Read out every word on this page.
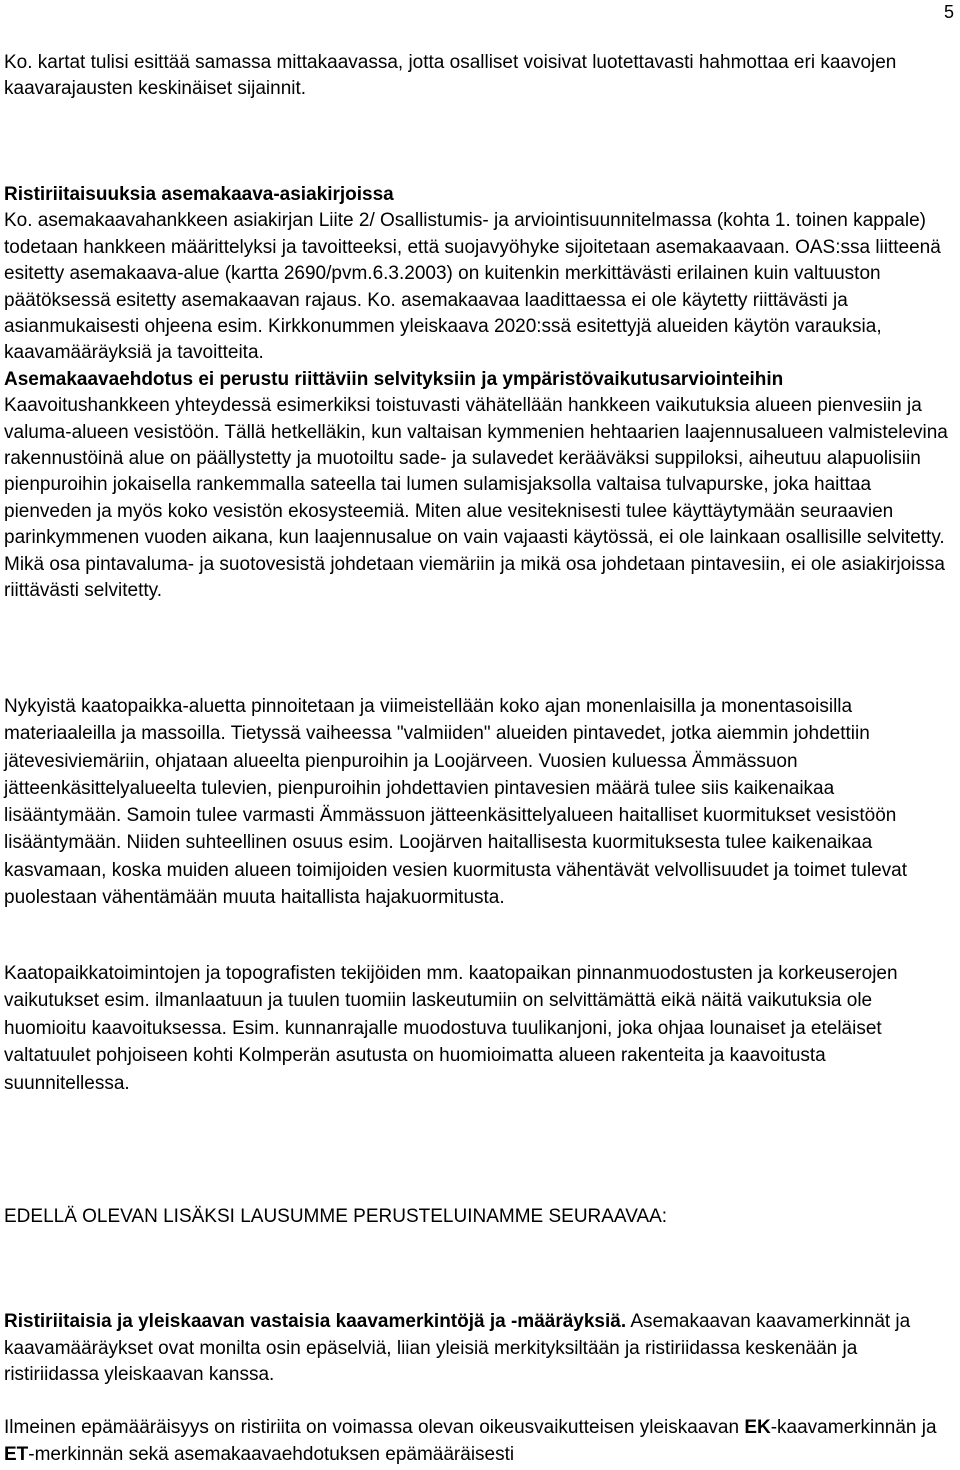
5

Ko. kartat tulisi esittää samassa mittakaavassa, jotta osalliset voisivat luotettavasti hahmottaa eri kaavojen kaavarajausten keskinäiset sijainnit.

Ristiriitaisuuksia asemakaava-asiakirjoissa

Ko. asemakaavahankkeen asiakirjan Liite 2/ Osallistumis- ja arviointisuunnitelmassa (kohta 1. toinen kappale) todetaan hankkeen määrittelyksi ja tavoitteeksi, että suojavyöhyke sijoitetaan asemakaavaan. OAS:ssa liitteenä esitetty asemakaava-alue (kartta 2690/pvm.6.3.2003) on kuitenkin merkittävästi erilainen kuin valtuuston päätöksessä esitetty asemakaavan rajaus. Ko. asemakaavaa laadittaessa ei ole käytetty riittävästi ja asianmukaisesti ohjeena esim. Kirkkonummen yleiskaava 2020:ssä esitettyjä alueiden käytön varauksia, kaavamääräyksiä ja tavoitteita.

Asemakaavaehdotus ei perustu riittäviin selvityksiin ja ympäristövaikutusarviointeihin

Kaavoitushankkeen yhteydessä esimerkiksi toistuvasti vähätellään hankkeen vaikutuksia alueen pienvesiin ja valuma-alueen vesistöön. Tällä hetkelläkin, kun valtaisan kymmenien hehtaarien laajennusalueen valmistelevina rakennustöinä alue on päällystetty ja muotoiltu sade- ja sulavedet kerääväksi suppiloksi, aiheutuu alapuolisiin pienpuroihin jokaisella rankemmalla sateella tai lumen sulamisjaksolla valtaisa tulvapurske, joka haittaa pienveden ja myös koko vesistön ekosysteemiä. Miten alue vesiteknisesti tulee käyttäytymään seuraavien parinkymmenen vuoden aikana, kun laajennusalue on vain vajaasti käytössä, ei ole lainkaan osallisille selvitetty. Mikä osa pintavaluma- ja suotovesistä johdetaan viemäriin ja mikä osa johdetaan pintavesiin, ei ole asiakirjoissa riittävästi selvitetty.

Nykyistä kaatopaikka-aluetta pinnoitetaan ja viimeistellään koko ajan monenlaisilla ja monentasoisilla materiaaleilla ja massoilla. Tietyssä vaiheessa "valmiiden" alueiden pintavedet, jotka aiemmin johdettiin jätevesiviemäriin, ohjataan alueelta pienpuroihin ja Loojärveen. Vuosien kuluessa Ämmässuon jätteenkäsittelyalueelta tulevien, pienpuroihin johdettavien pintavesien määrä tulee siis kaikenaikaa lisääntymään. Samoin tulee varmasti Ämmässuon jätteenkäsittelyalueen haitalliset kuormitukset vesistöön lisääntymään. Niiden suhteellinen osuus esim. Loojärven haitallisesta kuormituksesta tulee kaikenaikaa kasvamaan, koska muiden alueen toimijoiden vesien kuormitusta vähentävät velvollisuudet ja toimet tulevat puolestaan vähentämään muuta haitallista hajakuormitusta.

Kaatopaikkatoimintojen ja topografisten tekijöiden mm. kaatopaikan pinnanmuodostusten ja korkeuserojen vaikutukset esim. ilmanlaatuun ja tuulen tuomiin laskeutumiin on selvittämättä eikä näitä vaikutuksia ole huomioitu kaavoituksessa. Esim. kunnanrajalle muodostuva tuulikanjoni, joka ohjaa lounaiset ja eteläiset valtatuulet pohjoiseen kohti Kolmperän asutusta on huomioimatta alueen rakenteita ja kaavoitusta suunnitellessa.

EDELLÄ OLEVAN LISÄKSI LAUSUMME PERUSTELUINAMME SEURAAVAA:

Ristiriitaisia ja yleiskaavan vastaisia kaavamerkintöjä ja -määräyksiä. Asemakaavan kaavamerkinnät ja kaavamääräykset ovat monilta osin epäselviä, liian yleisiä merkityksiltään ja ristiriidassa keskenään ja ristiriidassa yleiskaavan kanssa.

Ilmeinen epämääräisyys on ristiriita on voimassa olevan oikeusvaikutteisen yleiskaavan EK-kaavamerkinnän ja ET-merkinnän sekä asemakaavaehdotuksen epämääräisesti
